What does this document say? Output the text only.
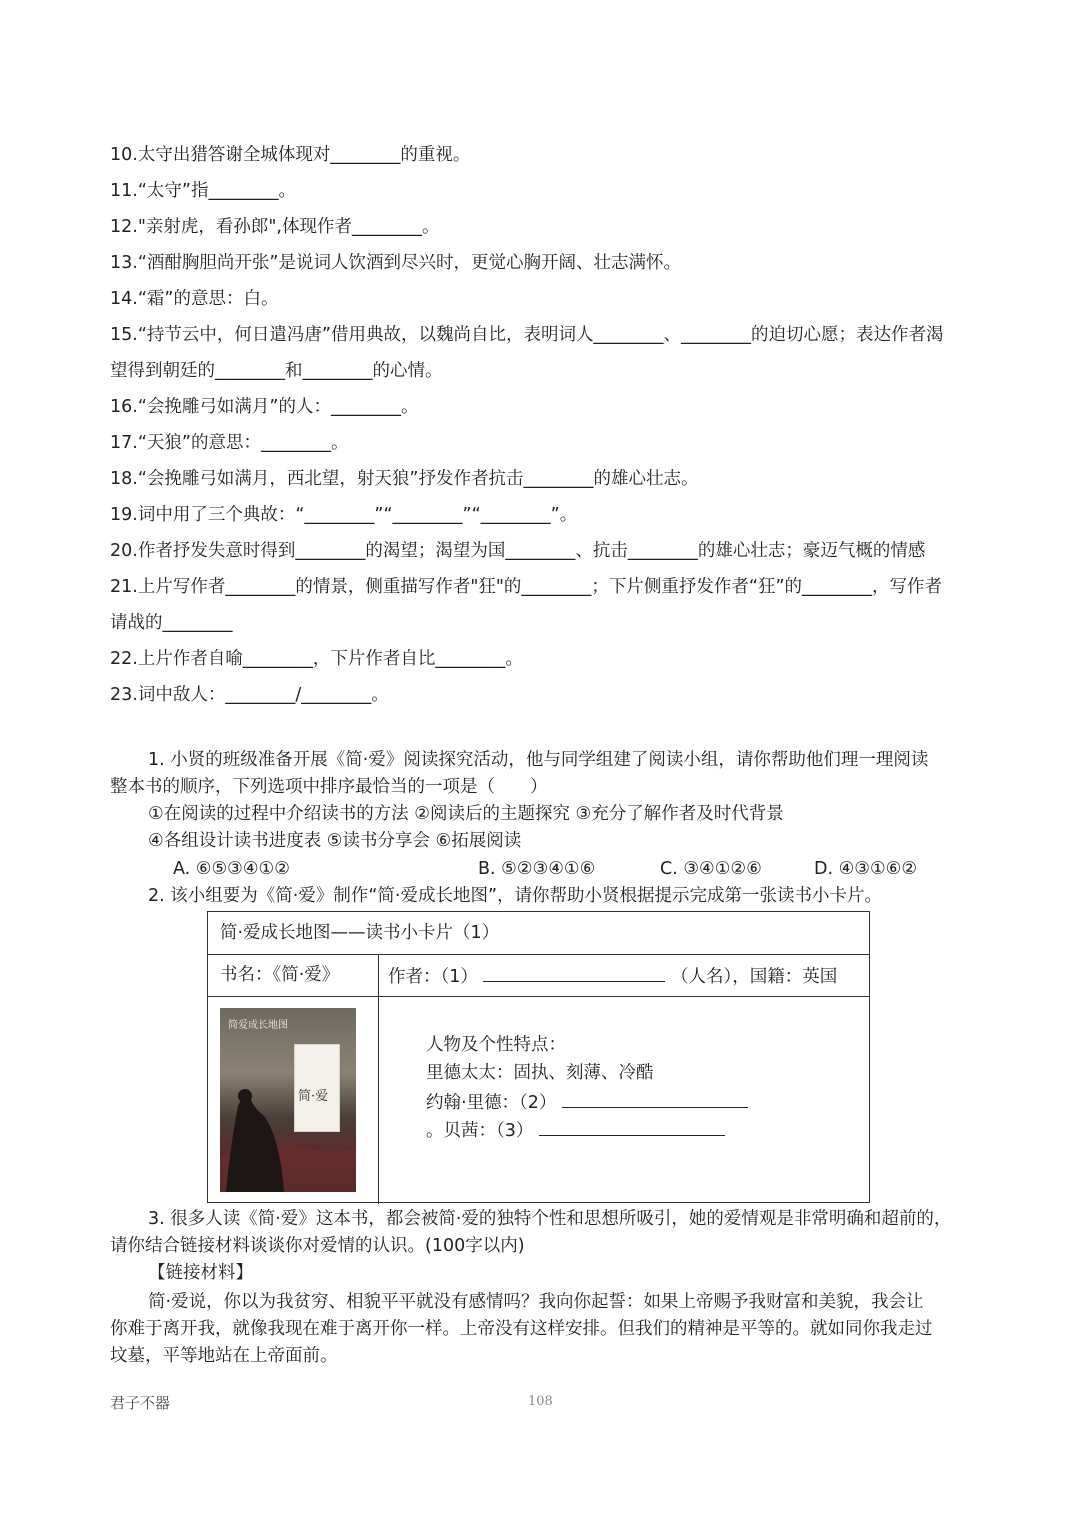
10.太守出猎答谢全城体现对________的重视。
11.“太守”指________。
12."亲射虎，看孙郎",体现作者________。
13.“酒酣胸胆尚开张”是说词人饮酒到尽兴时，更觉心胸开阔、壮志满怀。
14.“霜”的意思：白。
15.“持节云中，何日遣冯唐”借用典故，以魏尚自比，表明词人________、________的迫切心愿；表达作者渴
望得到朝廷的________和________的心情。
16.“会挽雕弓如满月”的人：________。
17.“天狼”的意思：________。
18.“会挽雕弓如满月，西北望，射天狼”抒发作者抗击________的雄心壮志。
19.词中用了三个典故：“________”“________”“________”。
20.作者抒发失意时得到________的渴望；渴望为国________、抗击________的雄心壮志；豪迈气概的情感
21.上片写作者________的情景，侧重描写作者"狂"的________；下片侧重抒发作者“狂”的________，写作者
请战的________
22.上片作者自喻________，下片作者自比________。
23.词中敌人：________/________。
1. 小贤的班级准备开展《简·爱》阅读探究活动，他与同学组建了阅读小组，请你帮助他们理一理阅读
整本书的顺序，下列选项中排序最恰当的一项是（　　）
①在阅读的过程中介绍读书的方法 ②阅读后的主题探究 ③充分了解作者及时代背景
④各组设计读书进度表 ⑤读书分享会 ⑥拓展阅读
A. ⑥⑤③④①②	B. ⑤②③④①⑥	C. ③④①②⑥	D. ④③①⑥②
2. 该小组要为《简·爱》制作“简·爱成长地图”，请你帮助小贤根据提示完成第一张读书小卡片。
简·爱成长地图——读书小卡片（1）
书名：《简·爱》	作者：（1）	（人名），国籍：英国
简爱成长地图
简·爱
人物及个性特点：
里德太太：固执、刻薄、冷酷
约翰·里德：（2）
。贝茜：（3）
3. 很多人读《简·爱》这本书，都会被简·爱的独特个性和思想所吸引，她的爱情观是非常明确和超前的，
请你结合链接材料谈谈你对爱情的认识。(100字以内)
【链接材料】
简·爱说，你以为我贫穷、相貌平平就没有感情吗？我向你起誓：如果上帝赐予我财富和美貌，我会让
你难于离开我，就像我现在难于离开你一样。上帝没有这样安排。但我们的精神是平等的。就如同你我走过
坟墓，平等地站在上帝面前。
君子不器	108
